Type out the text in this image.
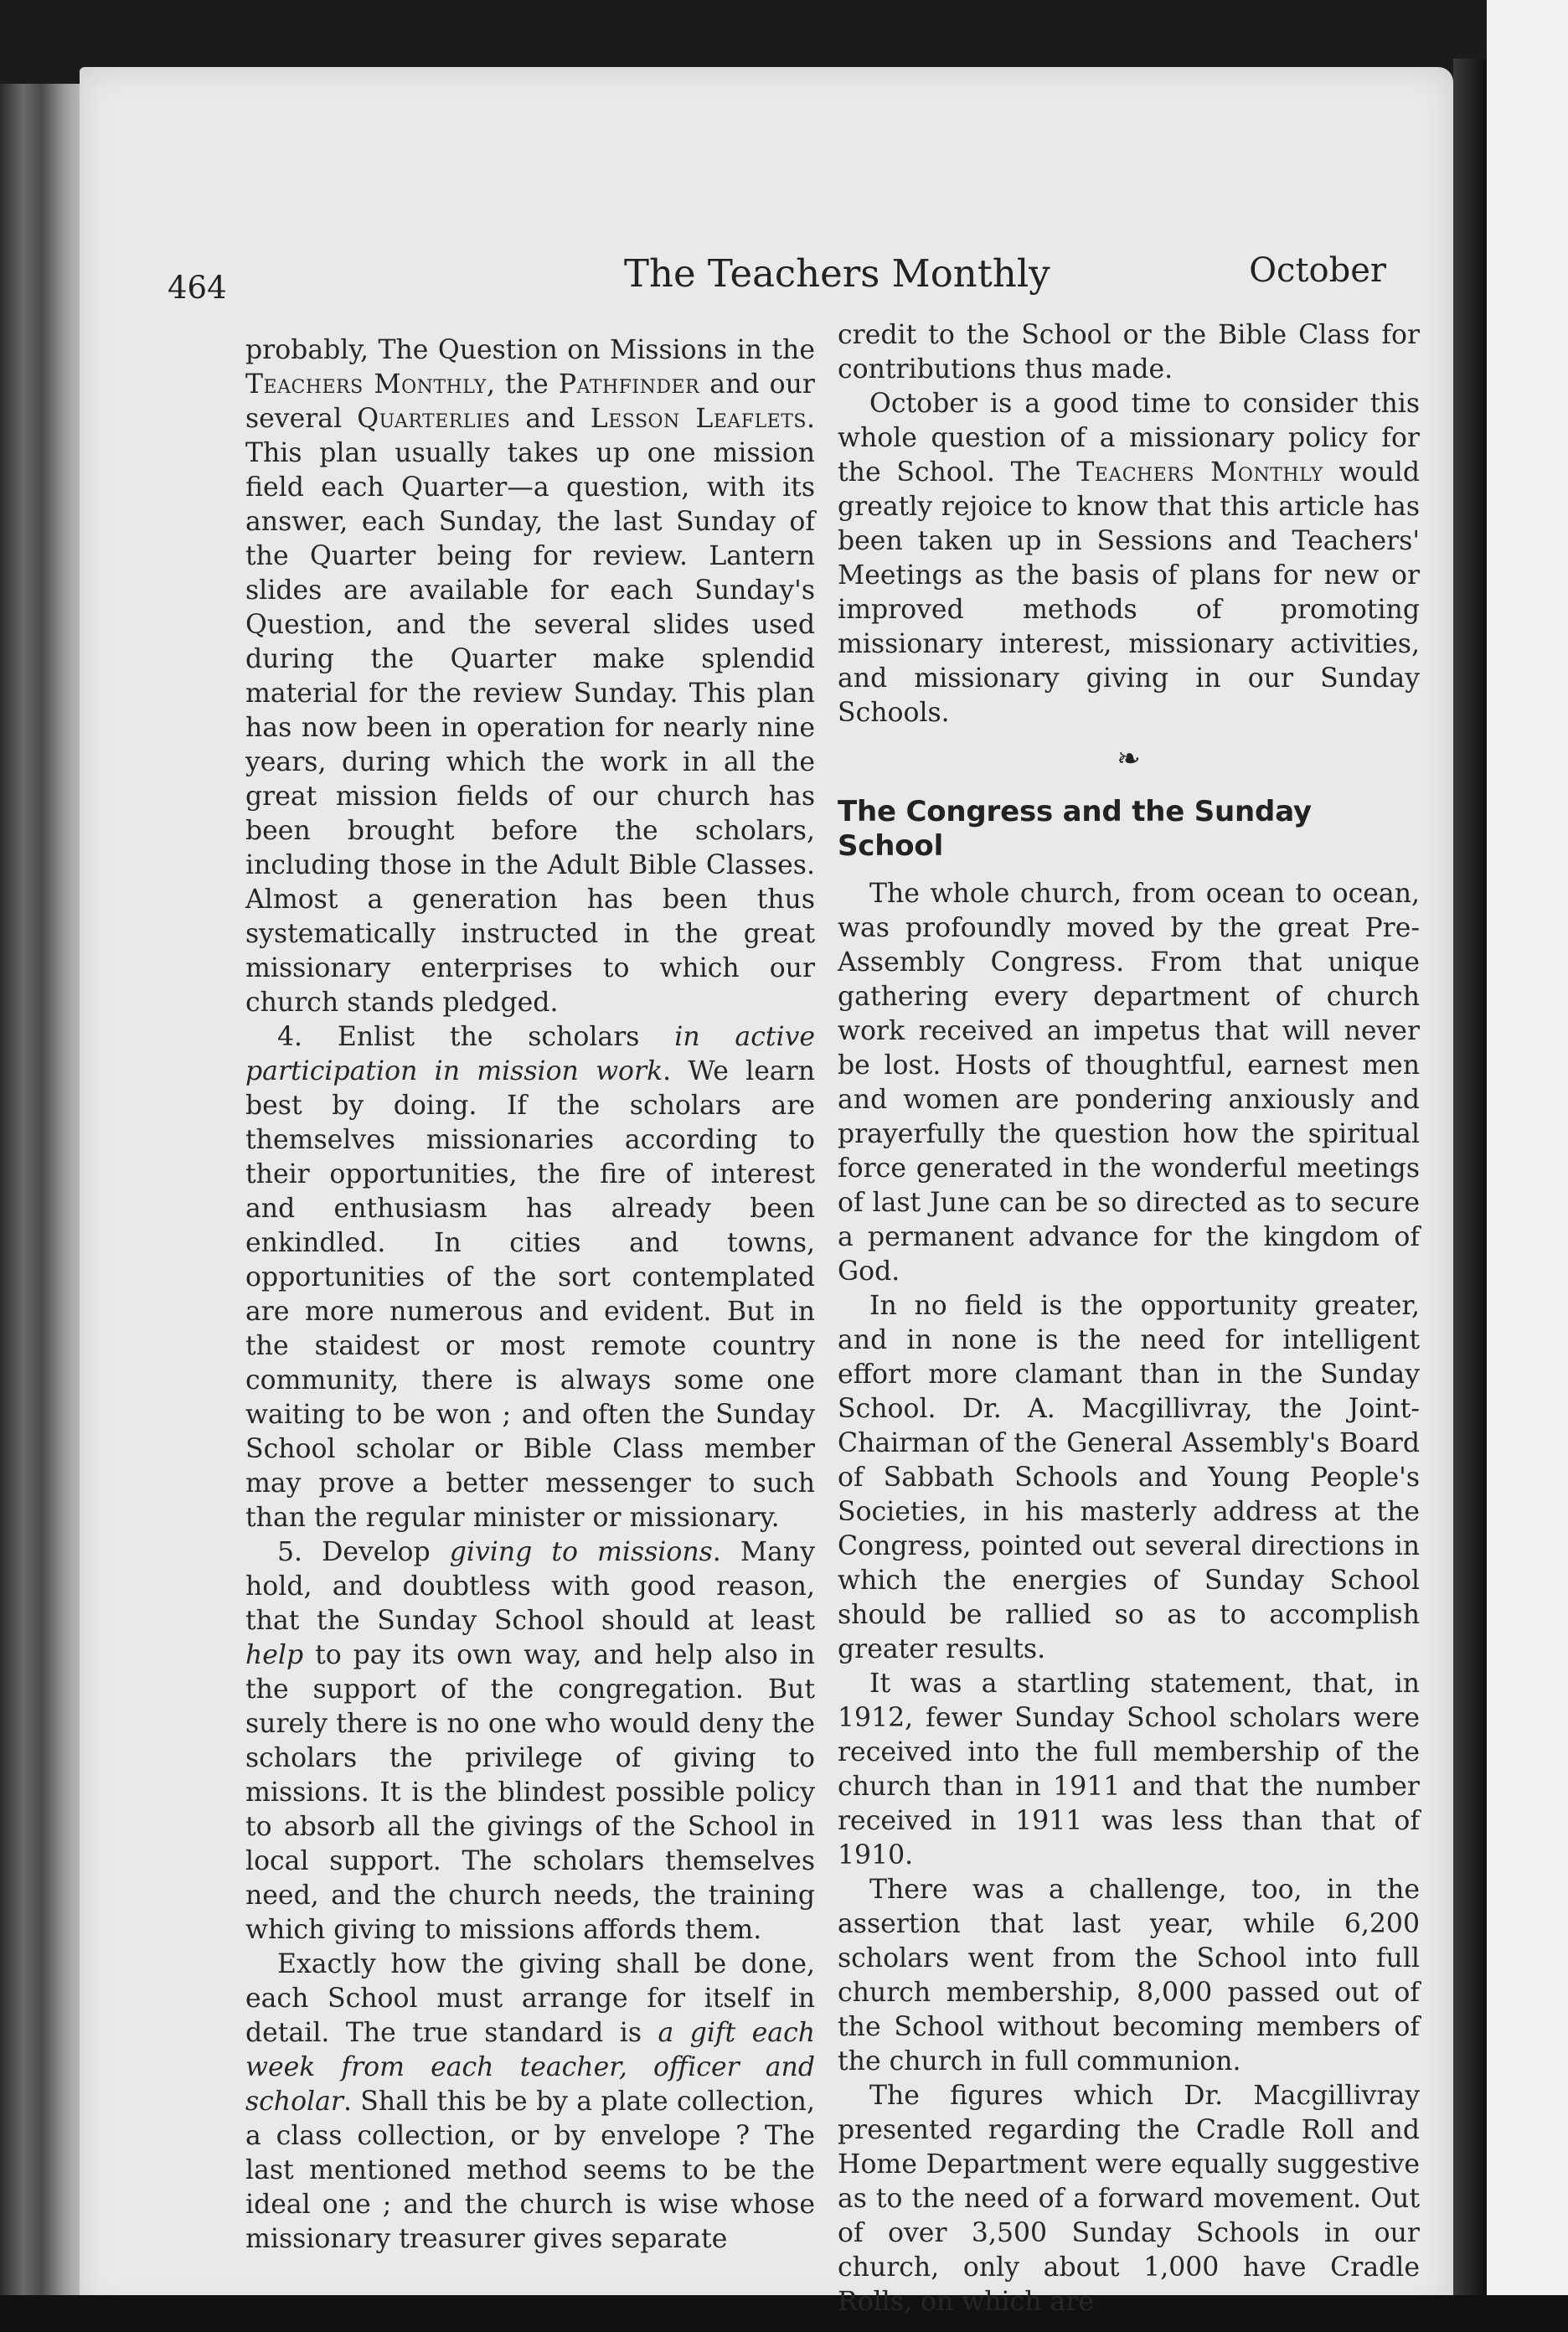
464	The Teachers Monthly	October

probably, The Question on Missions in the Teachers Monthly, the Pathfinder and our several Quarterlies and Lesson Leaflets. This plan usually takes up one mission field each Quarter—a question, with its answer, each Sunday, the last Sunday of the Quarter being for review. Lantern slides are available for each Sunday's Question, and the several slides used during the Quarter make splendid material for the review Sunday. This plan has now been in operation for nearly nine years, during which the work in all the great mission fields of our church has been brought before the scholars, including those in the Adult Bible Classes. Almost a generation has been thus systematically instructed in the great missionary enterprises to which our church stands pledged.

4. Enlist the scholars in active participation in mission work. We learn best by doing. If the scholars are themselves missionaries according to their opportunities, the fire of interest and enthusiasm has already been enkindled. In cities and towns, opportunities of the sort contemplated are more numerous and evident. But in the staidest or most remote country community, there is always some one waiting to be won ; and often the Sunday School scholar or Bible Class member may prove a better messenger to such than the regular minister or missionary.

5. Develop giving to missions. Many hold, and doubtless with good reason, that the Sunday School should at least help to pay its own way, and help also in the support of the congregation. But surely there is no one who would deny the scholars the privilege of giving to missions. It is the blindest possible policy to absorb all the givings of the School in local support. The scholars themselves need, and the church needs, the training which giving to missions affords them.

Exactly how the giving shall be done, each School must arrange for itself in detail. The true standard is a gift each week from each teacher, officer and scholar. Shall this be by a plate collection, a class collection, or by envelope ? The last mentioned method seems to be the ideal one ; and the church is wise whose missionary treasurer gives separate

credit to the School or the Bible Class for contributions thus made.

October is a good time to consider this whole question of a missionary policy for the School. The Teachers Monthly would greatly rejoice to know that this article has been taken up in Sessions and Teachers' Meetings as the basis of plans for new or improved methods of promoting missionary interest, missionary activities, and missionary giving in our Sunday Schools.

❧
The Congress and the Sunday School

The whole church, from ocean to ocean, was profoundly moved by the great Pre-Assembly Congress. From that unique gathering every department of church work received an impetus that will never be lost. Hosts of thoughtful, earnest men and women are pondering anxiously and prayerfully the question how the spiritual force generated in the wonderful meetings of last June can be so directed as to secure a permanent advance for the kingdom of God.

In no field is the opportunity greater, and in none is the need for intelligent effort more clamant than in the Sunday School. Dr. A. Macgillivray, the Joint-Chairman of the General Assembly's Board of Sabbath Schools and Young People's Societies, in his masterly address at the Congress, pointed out several directions in which the energies of Sunday School should be rallied so as to accomplish greater results.

It was a startling statement, that, in 1912, fewer Sunday School scholars were received into the full membership of the church than in 1911 and that the number received in 1911 was less than that of 1910.

There was a challenge, too, in the assertion that last year, while 6,200 scholars went from the School into full church membership, 8,000 passed out of the School without becoming members of the church in full communion.

The figures which Dr. Macgillivray presented regarding the Cradle Roll and Home Department were equally suggestive as to the need of a forward movement. Out of over 3,500 Sunday Schools in our church, only about 1,000 have Cradle Rolls, on which are
